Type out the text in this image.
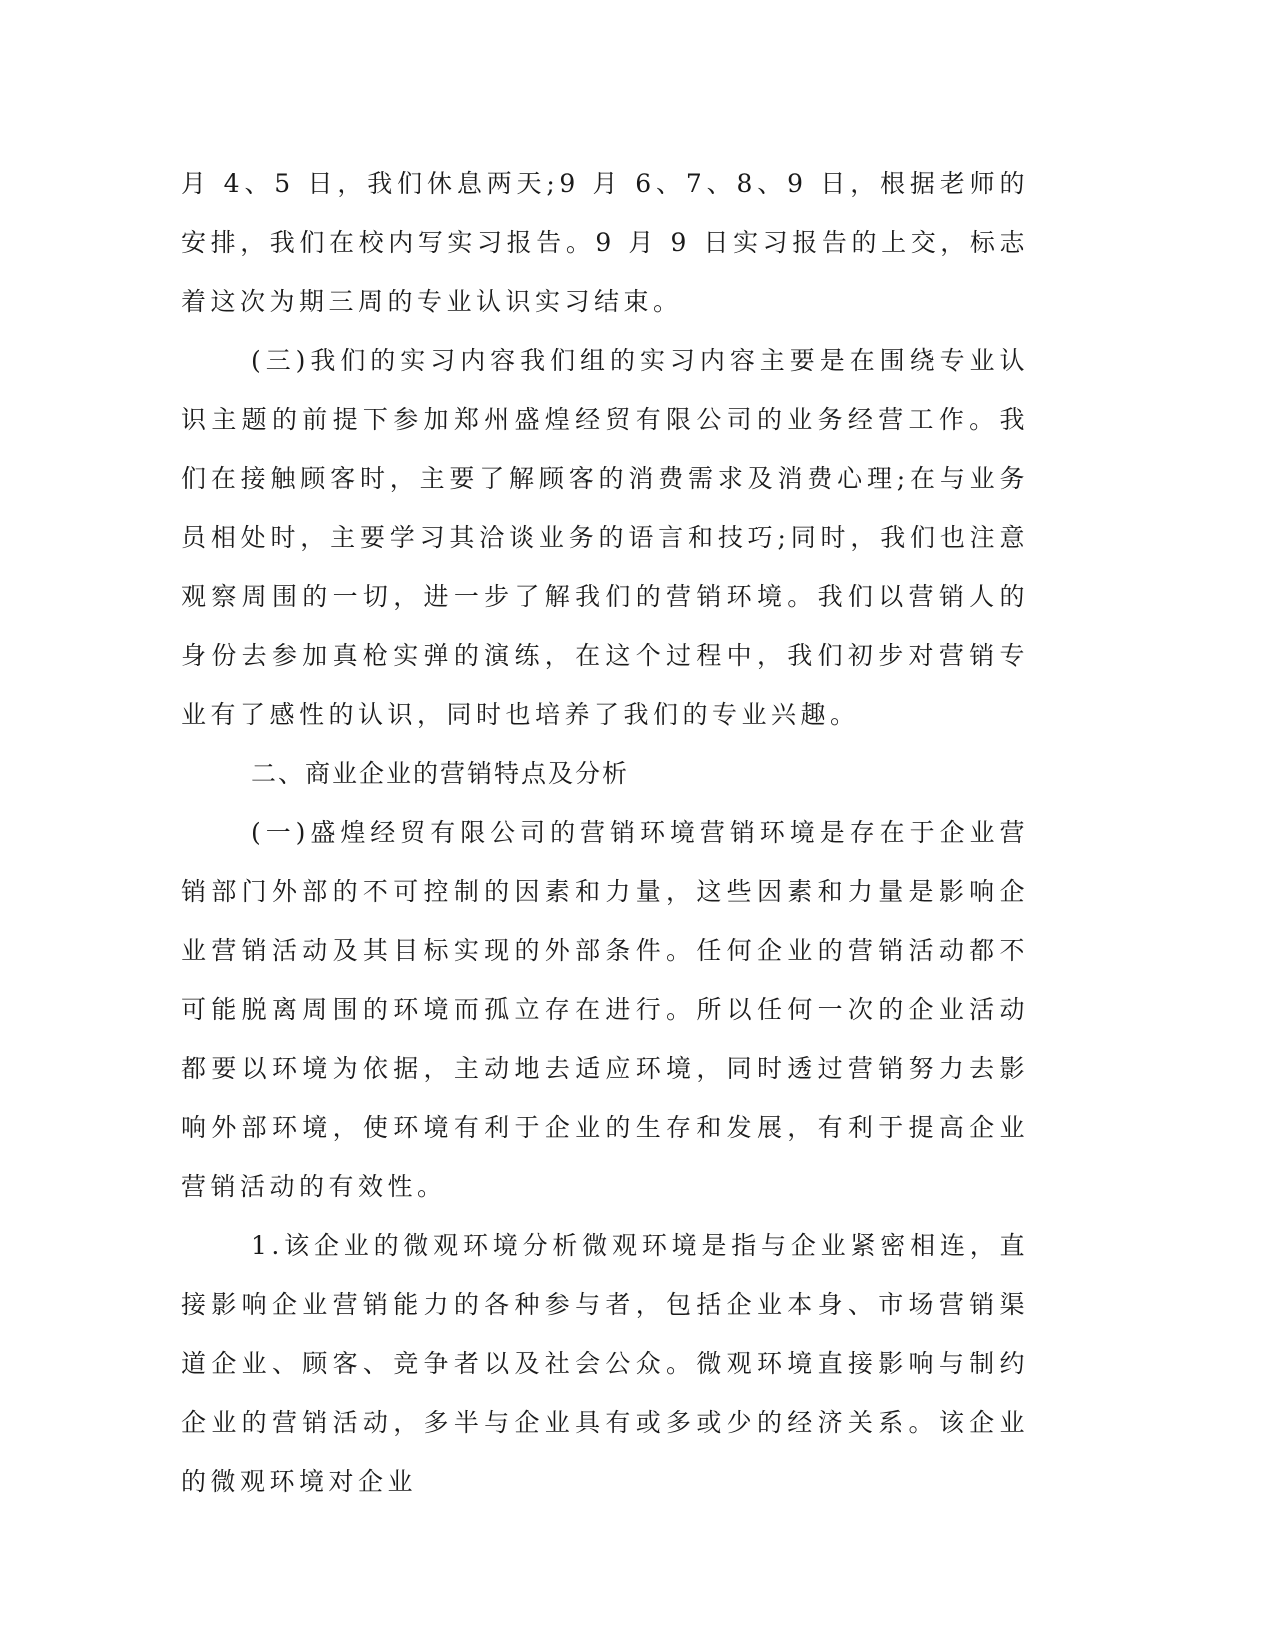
月 4、5 日，我们休息两天;9 月 6、7、8、9 日，根据老师的安排，我们在校内写实习报告。9 月 9 日实习报告的上交，标志着这次为期三周的专业认识实习结束。

(三)我们的实习内容我们组的实习内容主要是在围绕专业认识主题的前提下参加郑州盛煌经贸有限公司的业务经营工作。我们在接触顾客时，主要了解顾客的消费需求及消费心理;在与业务员相处时，主要学习其洽谈业务的语言和技巧;同时，我们也注意观察周围的一切，进一步了解我们的营销环境。我们以营销人的身份去参加真枪实弹的演练，在这个过程中，我们初步对营销专业有了感性的认识，同时也培养了我们的专业兴趣。

二、商业企业的营销特点及分析

(一)盛煌经贸有限公司的营销环境营销环境是存在于企业营销部门外部的不可控制的因素和力量，这些因素和力量是影响企业营销活动及其目标实现的外部条件。任何企业的营销活动都不可能脱离周围的环境而孤立存在进行。所以任何一次的企业活动都要以环境为依据，主动地去适应环境，同时透过营销努力去影响外部环境，使环境有利于企业的生存和发展，有利于提高企业营销活动的有效性。

1.该企业的微观环境分析微观环境是指与企业紧密相连，直接影响企业营销能力的各种参与者，包括企业本身、市场营销渠道企业、顾客、竞争者以及社会公众。微观环境直接影响与制约企业的营销活动，多半与企业具有或多或少的经济关系。该企业的微观环境对企业
